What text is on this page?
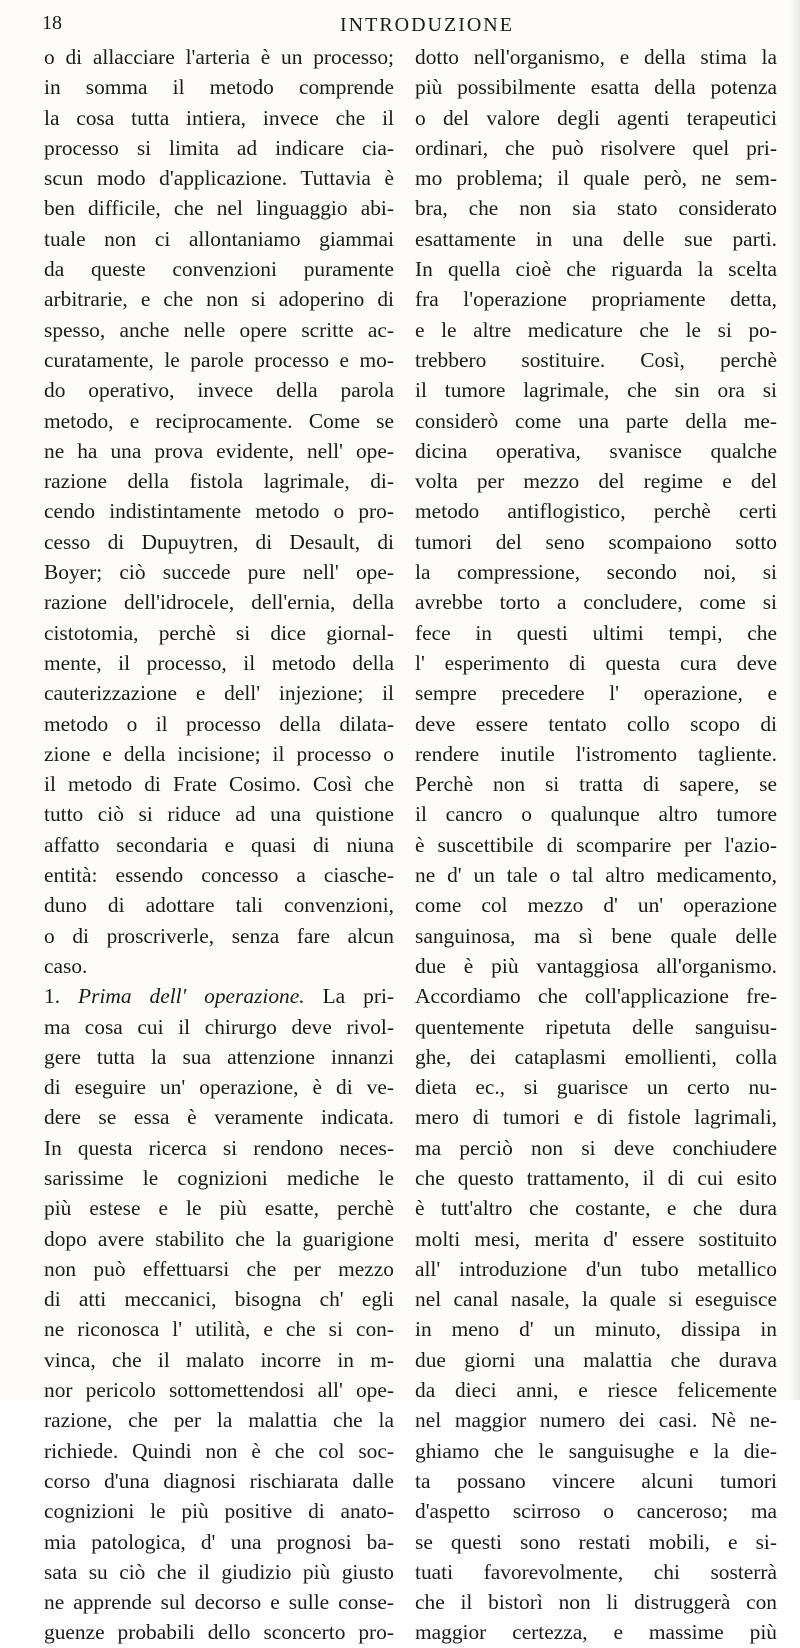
18	INTRODUZIONE
o di allacciare l'arteria è un processo;
in somma il metodo comprende
la cosa tutta intiera, invece che il
processo si limita ad indicare cia-
scun modo d'applicazione. Tuttavia è
ben difficile, che nel linguaggio abi-
tuale non ci allontaniamo giammai
da queste convenzioni puramente
arbitrarie, e che non si adoperino di
spesso, anche nelle opere scritte ac-
curatamente, le parole processo e mo-
do operativo, invece della parola
metodo, e reciprocamente. Come se
ne ha una prova evidente, nell' ope-
razione della fistola lagrimale, di-
cendo indistintamente metodo o pro-
cesso di Dupuytren, di Desault, di
Boyer; ciò succede pure nell' ope-
razione dell'idrocele, dell'ernia, della
cistotomia, perchè si dice giornal-
mente, il processo, il metodo della
cauterizzazione e dell' injezione; il
metodo o il processo della dilata-
zione e della incisione; il processo o
il metodo di Frate Cosimo. Così che
tutto ciò si riduce ad una quistione
affatto secondaria e quasi di niuna
entità: essendo concesso a ciasche-
duno di adottare tali convenzioni,
o di proscriverle, senza fare alcun
caso.
1. Prima dell' operazione. La pri-
ma cosa cui il chirurgo deve rivol-
gere tutta la sua attenzione innanzi
di eseguire un' operazione, è di ve-
dere se essa è veramente indicata.
In questa ricerca si rendono neces-
sarissime le cognizioni mediche le
più estese e le più esatte, perchè
dopo avere stabilito che la guarigione
non può effettuarsi che per mezzo
di atti meccanici, bisogna ch' egli
ne riconosca l' utilità, e che si con-
vinca, che il malato incorre in m-
nor pericolo sottomettendosi all' ope-
razione, che per la malattia che la
richiede. Quindi non è che col soc-
corso d'una diagnosi rischiarata dalle
cognizioni le più positive di anato-
mia patologica, d' una prognosi ba-
sata su ciò che il giudizio più giusto
ne apprende sul decorso e sulle conse-
guenze probabili dello sconcerto pro-
dotto nell'organismo, e della stima la
più possibilmente esatta della potenza
o del valore degli agenti terapeutici
ordinari, che può risolvere quel pri-
mo problema; il quale però, ne sem-
bra, che non sia stato considerato
esattamente in una delle sue parti.
In quella cioè che riguarda la scelta
fra l'operazione propriamente detta,
e le altre medicature che le si po-
trebbero sostituire. Così, perchè
il tumore lagrimale, che sin ora si
considerò come una parte della me-
dicina operativa, svanisce qualche
volta per mezzo del regime e del
metodo antiflogistico, perchè certi
tumori del seno scompaiono sotto
la compressione, secondo noi, si
avrebbe torto a concludere, come si
fece in questi ultimi tempi, che
l' esperimento di questa cura deve
sempre precedere l' operazione, e
deve essere tentato collo scopo di
rendere inutile l'istromento tagliente.
Perchè non si tratta di sapere, se
il cancro o qualunque altro tumore
è suscettibile di scomparire per l'azio-
ne d' un tale o tal altro medicamento,
come col mezzo d' un' operazione
sanguinosa, ma sì bene quale delle
due è più vantaggiosa all'organismo.
Accordiamo che coll'applicazione fre-
quentemente ripetuta delle sanguisu-
ghe, dei cataplasmi emollienti, colla
dieta ec., si guarisce un certo nu-
mero di tumori e di fistole lagrimali,
ma perciò non si deve conchiudere
che questo trattamento, il di cui esito
è tutt'altro che costante, e che dura
molti mesi, merita d' essere sostituito
all' introduzione d'un tubo metallico
nel canal nasale, la quale si eseguisce
in meno d' un minuto, dissipa in
due giorni una malattia che durava
da dieci anni, e riesce felicemente
nel maggior numero dei casi. Nè ne-
ghiamo che le sanguisughe e la die-
ta possano vincere alcuni tumori
d'aspetto scirroso o canceroso; ma
se questi sono restati mobili, e si-
tuati favorevolmente, chi sosterrà
che il bistorì non li distruggerà con
maggior certezza, e massime più
